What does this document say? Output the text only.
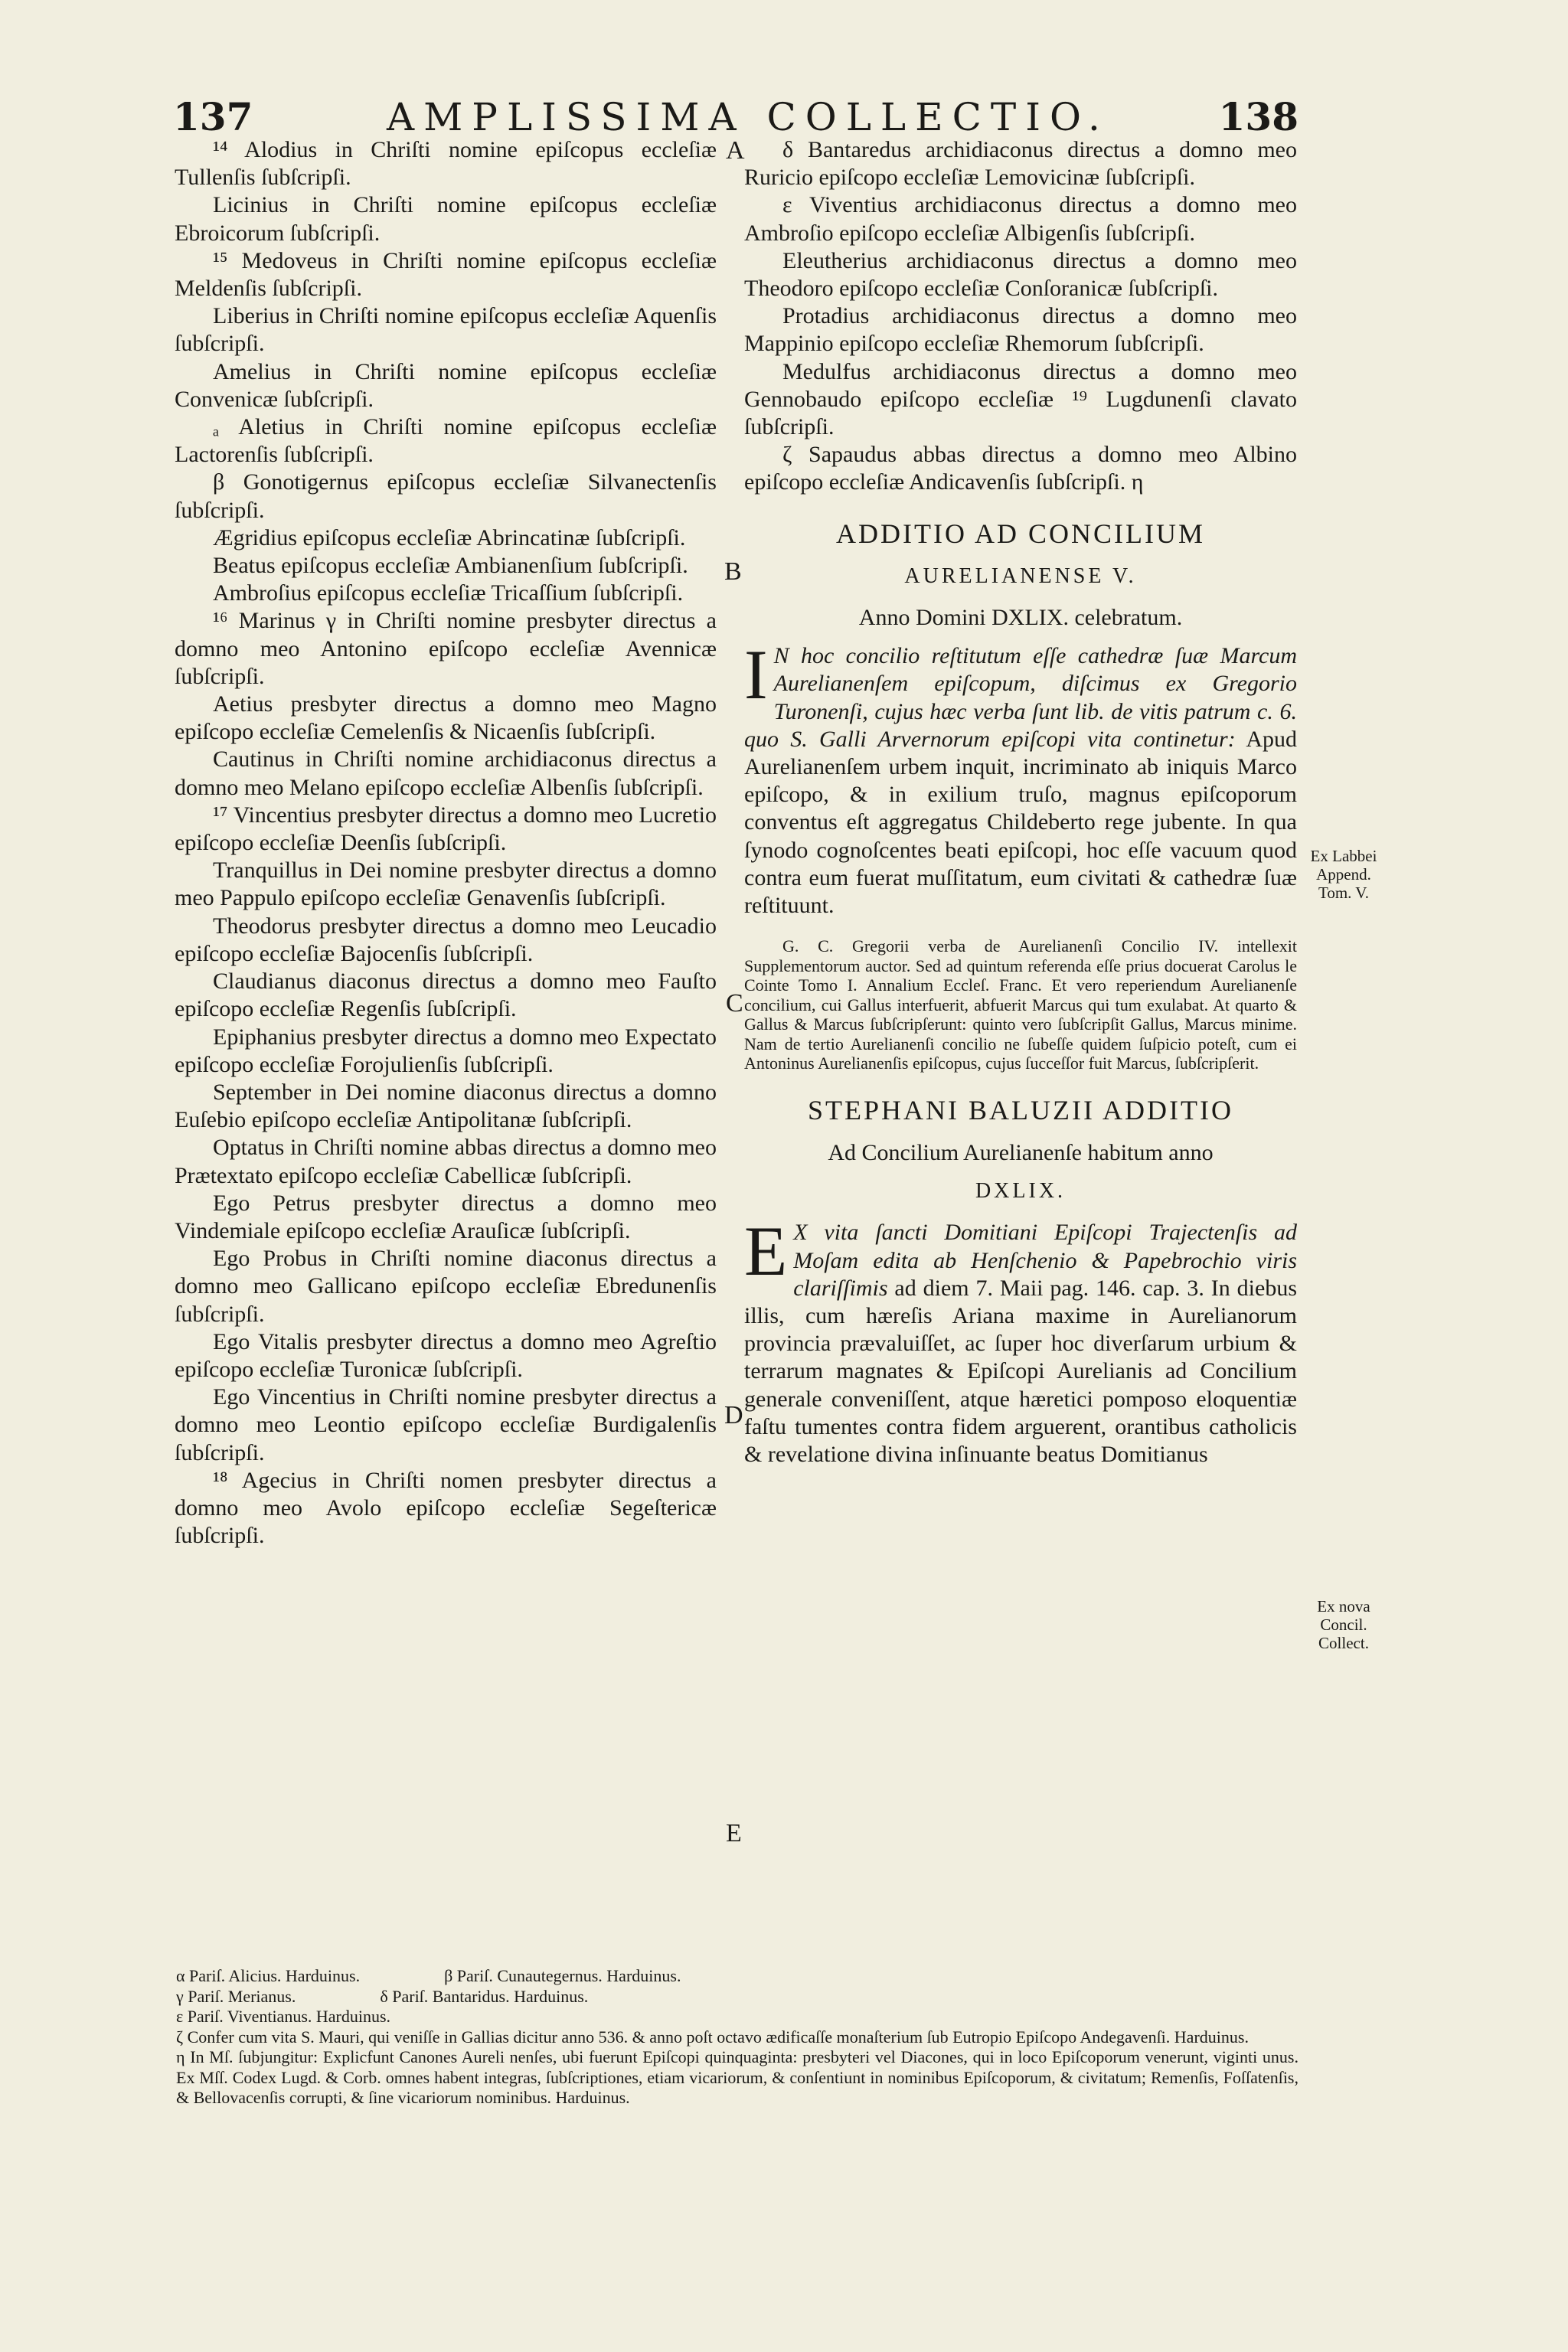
137	AMPLISSIMA COLLECTIO.	138
A
B
C
D
E

¹⁴ Alodius in Chriſti nomine epiſcopus eccleſiæ Tullenſis ſubſcripſi.

Licinius in Chriſti nomine epiſcopus eccleſiæ Ebroicorum ſubſcripſi.

¹⁵ Medoveus in Chriſti nomine epiſcopus eccleſiæ Meldenſis ſubſcripſi.

Liberius in Chriſti nomine epiſcopus eccleſiæ Aquenſis ſubſcripſi.

Amelius in Chriſti nomine epiſcopus eccleſiæ Convenicæ ſubſcripſi.

ₐ Aletius in Chriſti nomine epiſcopus eccleſiæ Lactorenſis ſubſcripſi.

β Gonotigernus epiſcopus eccleſiæ Silvanectenſis ſubſcripſi.

Ægridius epiſcopus eccleſiæ Abrincatinæ ſubſcripſi.

Beatus epiſcopus eccleſiæ Ambianenſium ſubſcripſi.

Ambroſius epiſcopus eccleſiæ Tricaſſium ſubſcripſi.

¹⁶ Marinus γ in Chriſti nomine presbyter directus a domno meo Antonino epiſcopo eccleſiæ Avennicæ ſubſcripſi.

Aetius presbyter directus a domno meo Magno epiſcopo eccleſiæ Cemelenſis & Nicaenſis ſubſcripſi.

Cautinus in Chriſti nomine archidiaconus directus a domno meo Melano epiſcopo eccleſiæ Albenſis ſubſcripſi.

¹⁷ Vincentius presbyter directus a domno meo Lucretio epiſcopo eccleſiæ Deenſis ſubſcripſi.

Tranquillus in Dei nomine presbyter directus a domno meo Pappulo epiſcopo eccleſiæ Genavenſis ſubſcripſi.

Theodorus presbyter directus a domno meo Leucadio epiſcopo eccleſiæ Bajocenſis ſubſcripſi.

Claudianus diaconus directus a domno meo Fauſto epiſcopo eccleſiæ Regenſis ſubſcripſi.

Epiphanius presbyter directus a domno meo Expectato epiſcopo eccleſiæ Forojulienſis ſubſcripſi.

September in Dei nomine diaconus directus a domno Euſebio epiſcopo eccleſiæ Antipolitanæ ſubſcripſi.

Optatus in Chriſti nomine abbas directus a domno meo Prætextato epiſcopo eccleſiæ Cabellicæ ſubſcripſi.

Ego Petrus presbyter directus a domno meo Vindemiale epiſcopo eccleſiæ Arauſicæ ſubſcripſi.

Ego Probus in Chriſti nomine diaconus directus a domno meo Gallicano epiſcopo eccleſiæ Ebredunenſis ſubſcripſi.

Ego Vitalis presbyter directus a domno meo Agreſtio epiſcopo eccleſiæ Turonicæ ſubſcripſi.

Ego Vincentius in Chriſti nomine presbyter directus a domno meo Leontio epiſcopo eccleſiæ Burdigalenſis ſubſcripſi.

¹⁸ Agecius in Chriſti nomen presbyter directus a domno meo Avolo epiſcopo eccleſiæ Segeſtericæ ſubſcripſi.

δ Bantaredus archidiaconus directus a domno meo Ruricio epiſcopo eccleſiæ Lemovicinæ ſubſcripſi.

ε Viventius archidiaconus directus a domno meo Ambroſio epiſcopo eccleſiæ Albigenſis ſubſcripſi.

Eleutherius archidiaconus directus a domno meo Theodoro epiſcopo eccleſiæ Conſoranicæ ſubſcripſi.

Protadius archidiaconus directus a domno meo Mappinio epiſcopo eccleſiæ Rhemorum ſubſcripſi.

Medulfus archidiaconus directus a domno meo Gennobaudo epiſcopo eccleſiæ ¹⁹ Lugdunenſi clavato ſubſcripſi.

ζ Sapaudus abbas directus a domno meo Albino epiſcopo eccleſiæ Andicavenſis ſubſcripſi. η

ADDITIO AD CONCILIUM

AURELIANENSE V.

Anno Domini DXLIX. celebratum.

I N hoc concilio reſtitutum eſſe cathedræ ſuæ Marcum Aurelianenſem epiſcopum, diſcimus ex Gregorio Turonenſi, cujus hæc verba ſunt lib. de vitis patrum c. 6. quo S. Galli Arvernorum epiſcopi vita continetur: Apud Aurelianenſem urbem inquit, incriminato ab iniquis Marco epiſcopo, & in exilium truſo, magnus epiſcoporum conventus eſt aggregatus Childeberto rege jubente. In qua ſynodo cognoſcentes beati epiſcopi, hoc eſſe vacuum quod contra eum fuerat muſſitatum, eum civitati & cathedræ ſuæ reſtituunt.

G. C. Gregorii verba de Aurelianenſi Concilio IV. intellexit Supplementorum auctor. Sed ad quintum referenda eſſe prius docuerat Carolus le Cointe Tomo I. Annalium Eccleſ. Franc. Et vero reperiendum Aurelianenſe concilium, cui Gallus interfuerit, abfuerit Marcus qui tum exulabat. At quarto & Gallus & Marcus ſubſcripſerunt: quinto vero ſubſcripſit Gallus, Marcus minime. Nam de tertio Aurelianenſi concilio ne ſubeſſe quidem ſuſpicio poteſt, cum ei Antoninus Aurelianenſis epiſcopus, cujus ſucceſſor fuit Marcus, ſubſcripſerit.

STEPHANI BALUZII ADDITIO

Ad Concilium Aurelianenſe habitum anno

DXLIX.

E X vita ſancti Domitiani Epiſcopi Trajectenſis ad Moſam edita ab Henſchenio & Papebrochio viris clariſſimis ad diem 7. Maii pag. 146. cap. 3. In diebus illis, cum hæreſis Ariana maxime in Aurelianorum provincia prævaluiſſet, ac ſuper hoc diverſarum urbium & terrarum magnates & Epiſcopi Aurelianis ad Concilium generale conveniſſent, atque hæretici pomposo eloquentiæ faſtu tumentes contra fidem arguerent, orantibus catholicis & revelatione divina inſinuante beatus Domitianus

Ex Labbei
Append.
Tom. V.
Ex nova
Concil.
Collect.
α Pariſ. Alicius. Harduinus.	β Pariſ. Cunautegernus. Harduinus.
γ Pariſ. Merianus.	δ Pariſ. Bantaridus. Harduinus.
ε Pariſ. Viventianus. Harduinus.
ζ Confer cum vita S. Mauri, qui veniſſe in Gallias dicitur anno 536. & anno poſt octavo ædificaſſe monaſterium ſub Eutropio Epiſcopo Andegavenſi. Harduinus.
η In Mſ. ſubjungitur: Explicfunt Canones Aureli nenſes, ubi fuerunt Epiſcopi quinquaginta: presbyteri vel Diacones, qui in loco Epiſcoporum venerunt, viginti unus. Ex Mſſ. Codex Lugd. & Corb. omnes habent integras, ſubſcriptiones, etiam vicariorum, & conſentiunt in nominibus Epiſcoporum, & civitatum; Remenſis, Foſſatenſis, & Bellovacenſis corrupti, & ſine vicariorum nominibus. Harduinus.
